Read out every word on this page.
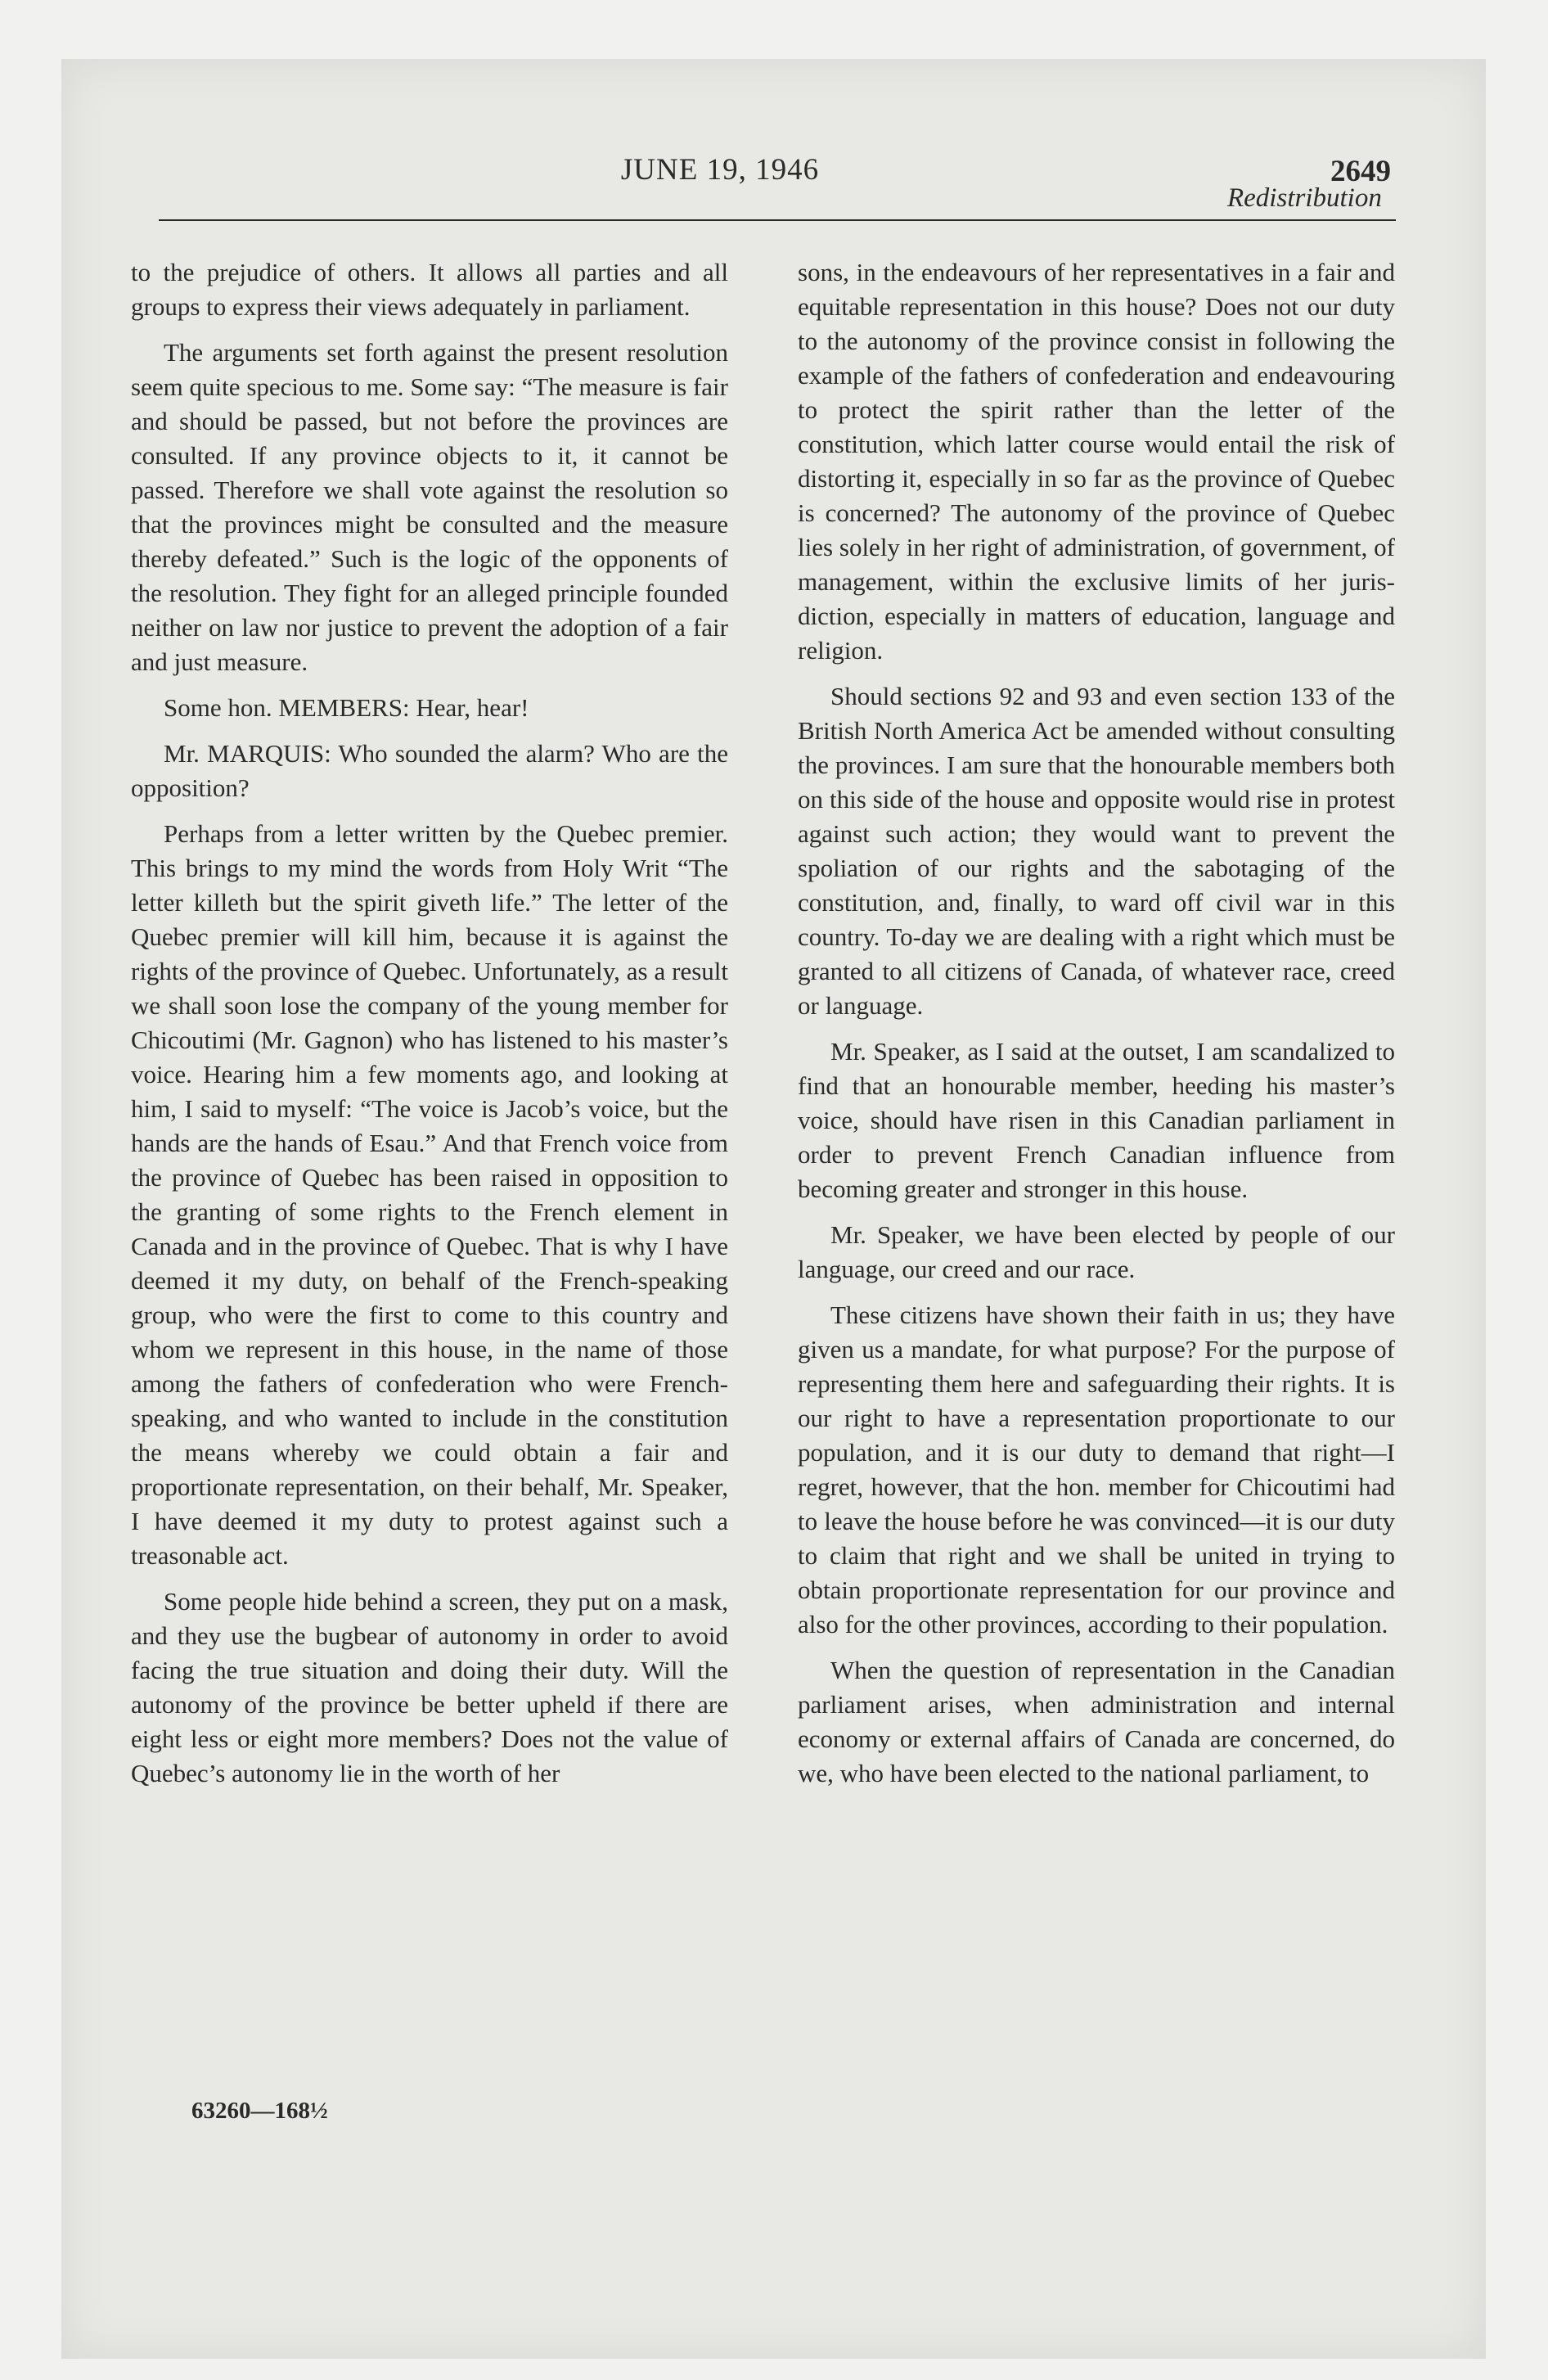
JUNE 19, 1946	2649
Redistribution

to the prejudice of others. It allows all parties and all groups to express their views adequately in parliament.

The arguments set forth against the present resolution seem quite specious to me. Some say: “The measure is fair and should be passed, but not before the provinces are consulted. If any province objects to it, it cannot be passed. Therefore we shall vote against the resolution so that the provinces might be consulted and the measure thereby defeated.” Such is the logic of the opponents of the resolution. They fight for an alleged principle founded neither on law nor justice to prevent the adoption of a fair and just measure.

Some hon. MEMBERS: Hear, hear!

Mr. MARQUIS: Who sounded the alarm? Who are the opposition?

Perhaps from a letter written by the Quebec premier. This brings to my mind the words from Holy Writ “The letter killeth but the spirit giveth life.” The letter of the Quebec premier will kill him, because it is against the rights of the province of Quebec. Unfortunately, as a result we shall soon lose the company of the young member for Chicoutimi (Mr. Gagnon) who has listened to his master’s voice. Hearing him a few moments ago, and looking at him, I said to myself: “The voice is Jacob’s voice, but the hands are the hands of Esau.” And that French voice from the province of Quebec has been raised in opposition to the granting of some rights to the French element in Canada and in the province of Quebec. That is why I have deemed it my duty, on behalf of the French-speaking group, who were the first to come to this country and whom we represent in this house, in the name of those among the fathers of confederation who were French-speaking, and who wanted to include in the constitution the means whereby we could obtain a fair and proportionate representation, on their behalf, Mr. Speaker, I have deemed it my duty to protest against such a treasonable act.

Some people hide behind a screen, they put on a mask, and they use the bugbear of autonomy in order to avoid facing the true situation and doing their duty. Will the autonomy of the province be better upheld if there are eight less or eight more members? Does not the value of Quebec’s autonomy lie in the worth of her

sons, in the endeavours of her representatives in a fair and equitable representation in this house? Does not our duty to the autonomy of the province consist in following the example of the fathers of confederation and endeavouring to protect the spirit rather than the letter of the constitution, which latter course would entail the risk of distorting it, especially in so far as the province of Quebec is concerned? The autonomy of the province of Quebec lies solely in her right of administration, of government, of management, within the exclusive limits of her jurisdiction, especially in matters of education, language and religion.

Should sections 92 and 93 and even section 133 of the British North America Act be amended without consulting the provinces. I am sure that the honourable members both on this side of the house and opposite would rise in protest against such action; they would want to prevent the spoliation of our rights and the sabotaging of the constitution, and, finally, to ward off civil war in this country. To-day we are dealing with a right which must be granted to all citizens of Canada, of whatever race, creed or language.

Mr. Speaker, as I said at the outset, I am scandalized to find that an honourable member, heeding his master’s voice, should have risen in this Canadian parliament in order to prevent French Canadian influence from becoming greater and stronger in this house.

Mr. Speaker, we have been elected by people of our language, our creed and our race.

These citizens have shown their faith in us; they have given us a mandate, for what purpose? For the purpose of representing them here and safeguarding their rights. It is our right to have a representation proportionate to our population, and it is our duty to demand that right—I regret, however, that the hon. member for Chicoutimi had to leave the house before he was convinced—it is our duty to claim that right and we shall be united in trying to obtain proportionate representation for our province and also for the other provinces, according to their population.

When the question of representation in the Canadian parliament arises, when administration and internal economy or external affairs of Canada are concerned, do we, who have been elected to the national parliament, to

63260—168½
